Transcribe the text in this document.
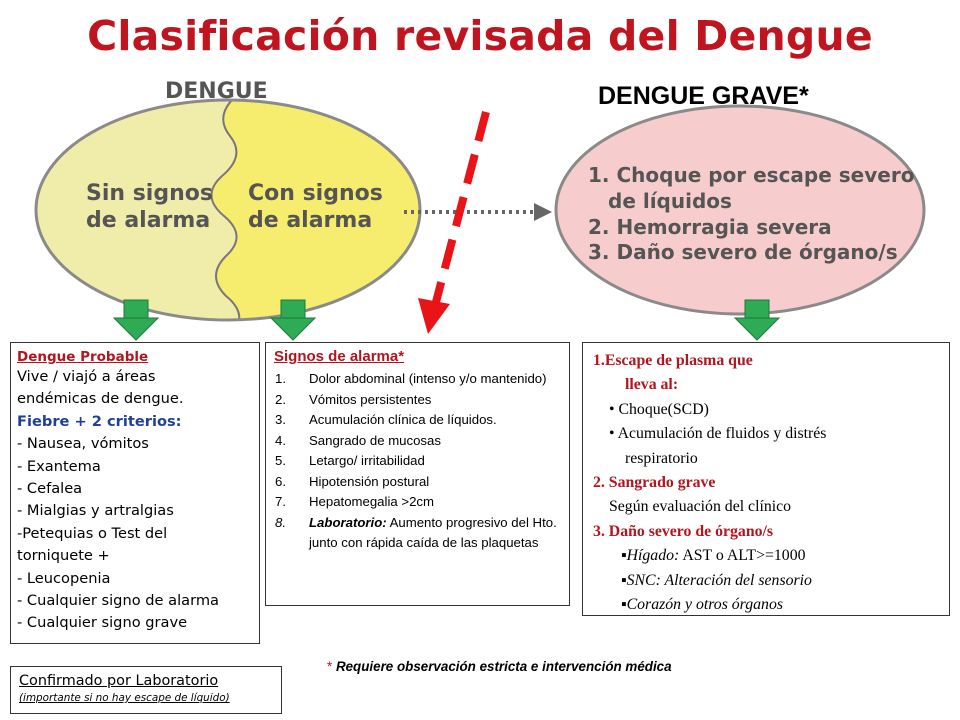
Clasificación revisada del Dengue
DENGUE
Sin signos de alarma
Con signos de alarma
1. Choque por escape severo de líquidos 2. Hemorragia severa 3. Daño severo de órgano/s
DENGUE GRAVE*
Dengue Probable
Vive / viajó a áreas
endémicas de dengue.
Fiebre + 2 criterios:
- Nausea, vómitos
- Exantema
- Cefalea
- Mialgias y artralgias
-Petequias o Test del
torniquete +
- Leucopenia
- Cualquier signo de alarma
- Cualquier signo grave
Signos de alarma*
1.	Dolor abdominal (intenso y/o mantenido)
2.	Vómitos persistentes
3.	Acumulación clínica de líquidos.
4.	Sangrado de mucosas
5.	Letargo/ irritabilidad
6.	Hipotensión postural
7.	Hepatomegalia >2cm
8.	Laboratorio: Aumento progresivo del Hto. junto con rápida caída de las plaquetas
1.Escape de plasma que
lleva al:
• Choque(SCD)
• Acumulación de fluidos y distrés
respiratorio
2. Sangrado grave
Según evaluación del clínico
3. Daño severo de órgano/s
▪Hígado: AST o ALT>=1000
▪SNC: Alteración del sensorio
▪Corazón y otros órganos
* Requiere observación estricta e intervención médica
Confirmado por Laboratorio
(importante si no hay escape de líquido)
